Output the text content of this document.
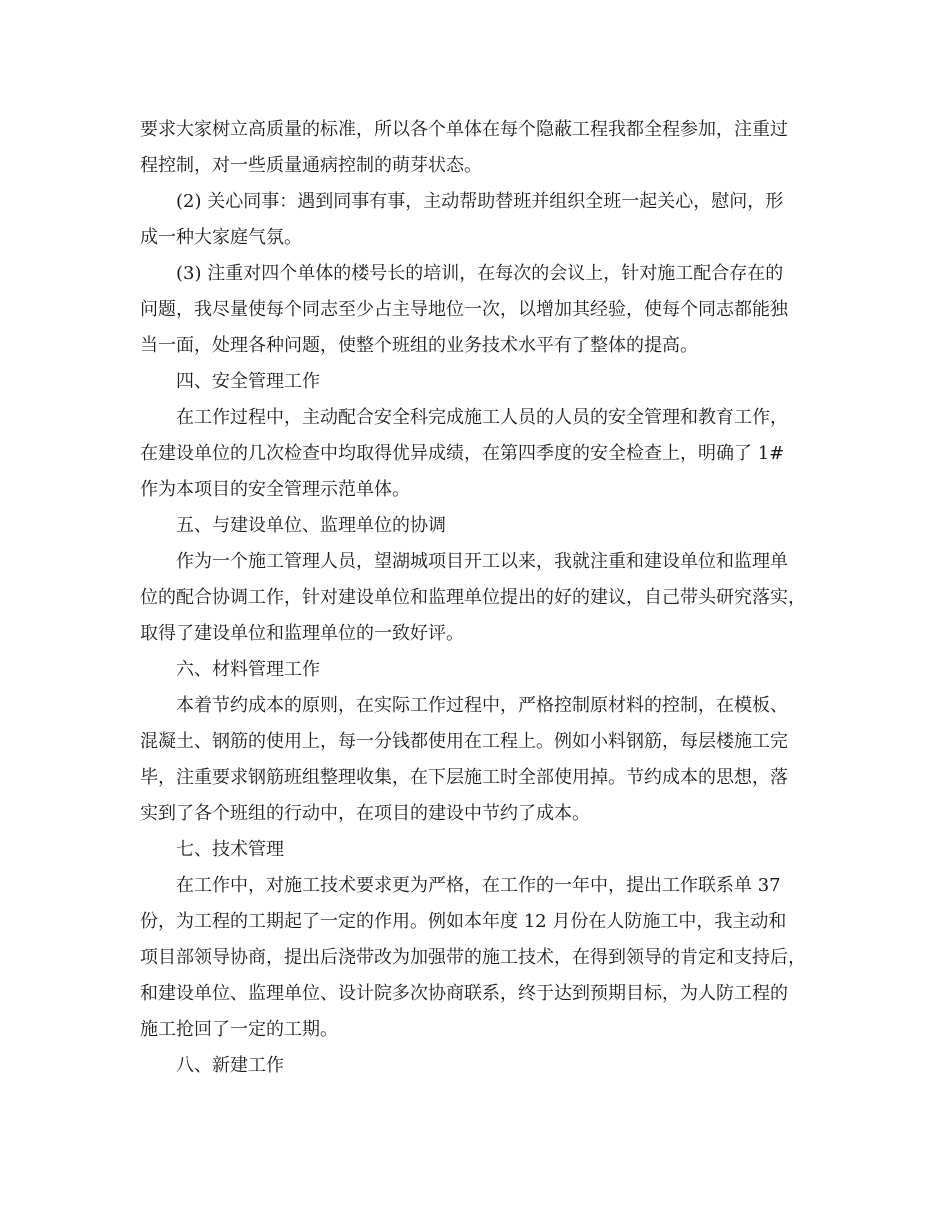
要求大家树立高质量的标准，所以各个单体在每个隐蔽工程我都全程参加，注重过
程控制，对一些质量通病控制的萌芽状态。
(2) 关心同事：遇到同事有事，主动帮助替班并组织全班一起关心，慰问，形
成一种大家庭气氛。
(3) 注重对四个单体的楼号长的培训，在每次的会议上，针对施工配合存在的
问题，我尽量使每个同志至少占主导地位一次，以增加其经验，使每个同志都能独
当一面，处理各种问题，使整个班组的业务技术水平有了整体的提高。
四、安全管理工作
在工作过程中，主动配合安全科完成施工人员的人员的安全管理和教育工作，
在建设单位的几次检查中均取得优异成绩，在第四季度的安全检查上，明确了 1#
作为本项目的安全管理示范单体。
五、与建设单位、监理单位的协调
作为一个施工管理人员，望湖城项目开工以来，我就注重和建设单位和监理单
位的配合协调工作，针对建设单位和监理单位提出的好的建议，自己带头研究落实，
取得了建设单位和监理单位的一致好评。
六、材料管理工作
本着节约成本的原则，在实际工作过程中，严格控制原材料的控制，在模板、
混凝土、钢筋的使用上，每一分钱都使用在工程上。例如小料钢筋，每层楼施工完
毕，注重要求钢筋班组整理收集，在下层施工时全部使用掉。节约成本的思想，落
实到了各个班组的行动中，在项目的建设中节约了成本。
七、技术管理
在工作中，对施工技术要求更为严格，在工作的一年中，提出工作联系单 37
份，为工程的工期起了一定的作用。例如本年度 12 月份在人防施工中，我主动和
项目部领导协商，提出后浇带改为加强带的施工技术，在得到领导的肯定和支持后，
和建设单位、监理单位、设计院多次协商联系，终于达到预期目标，为人防工程的
施工抢回了一定的工期。
八、新建工作
